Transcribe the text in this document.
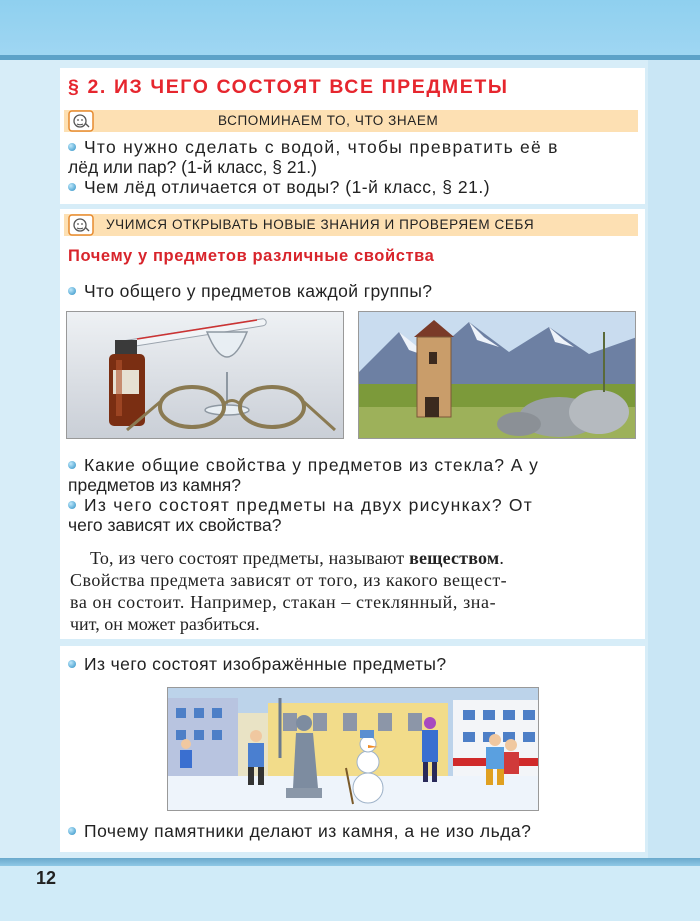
§ 2. ИЗ ЧЕГО СОСТОЯТ ВСЕ ПРЕДМЕТЫ
ВСПОМИНАЕМ ТО, ЧТО ЗНАЕМ
Что нужно сделать с водой, чтобы превратить её в
лёд или пар? (1-й класс, § 21.)
Чем лёд отличается от воды? (1-й класс, § 21.)
УЧИМСЯ ОТКРЫВАТЬ НОВЫЕ ЗНАНИЯ И ПРОВЕРЯЕМ СЕБЯ
Почему у предметов различные свойства
Что общего у предметов каждой группы?
Какие общие свойства у предметов из стекла? А у
предметов из камня?
Из чего состоят предметы на двух рисунках? От
чего зависят их свойства?
То, из чего состоят предметы, называют веществом.
Свойства предмета зависят от того, из какого вещест-
ва он состоит. Например, стакан – стеклянный, зна-
чит, он может разбиться.
Из чего состоят изображённые предметы?
Почему памятники делают из камня, а не изо льда?
12
